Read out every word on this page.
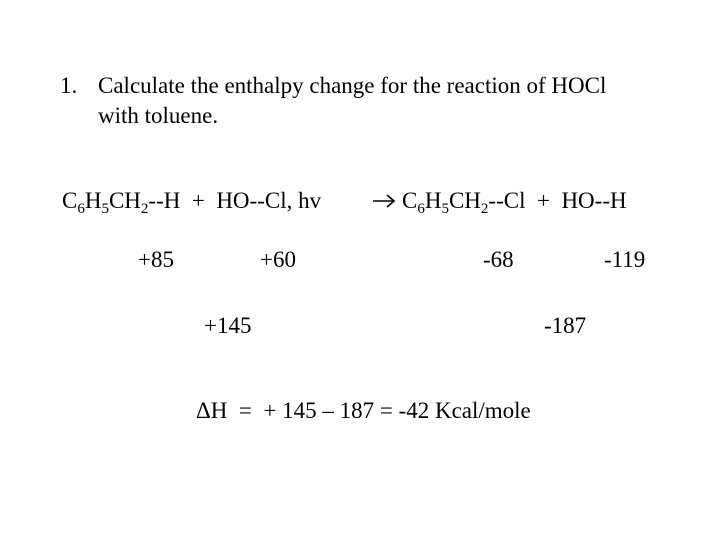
1. Calculate the enthalpy change for the reaction of HOCl
with toluene.
$C_6H_5CH_2--H + HO--Cl$, hv	$C_6H_5CH_2--Cl + HO--H$
+85	+60	-68	-119
+145	-187
ΔH  =  + 145 – 187 = -42 Kcal/mole
